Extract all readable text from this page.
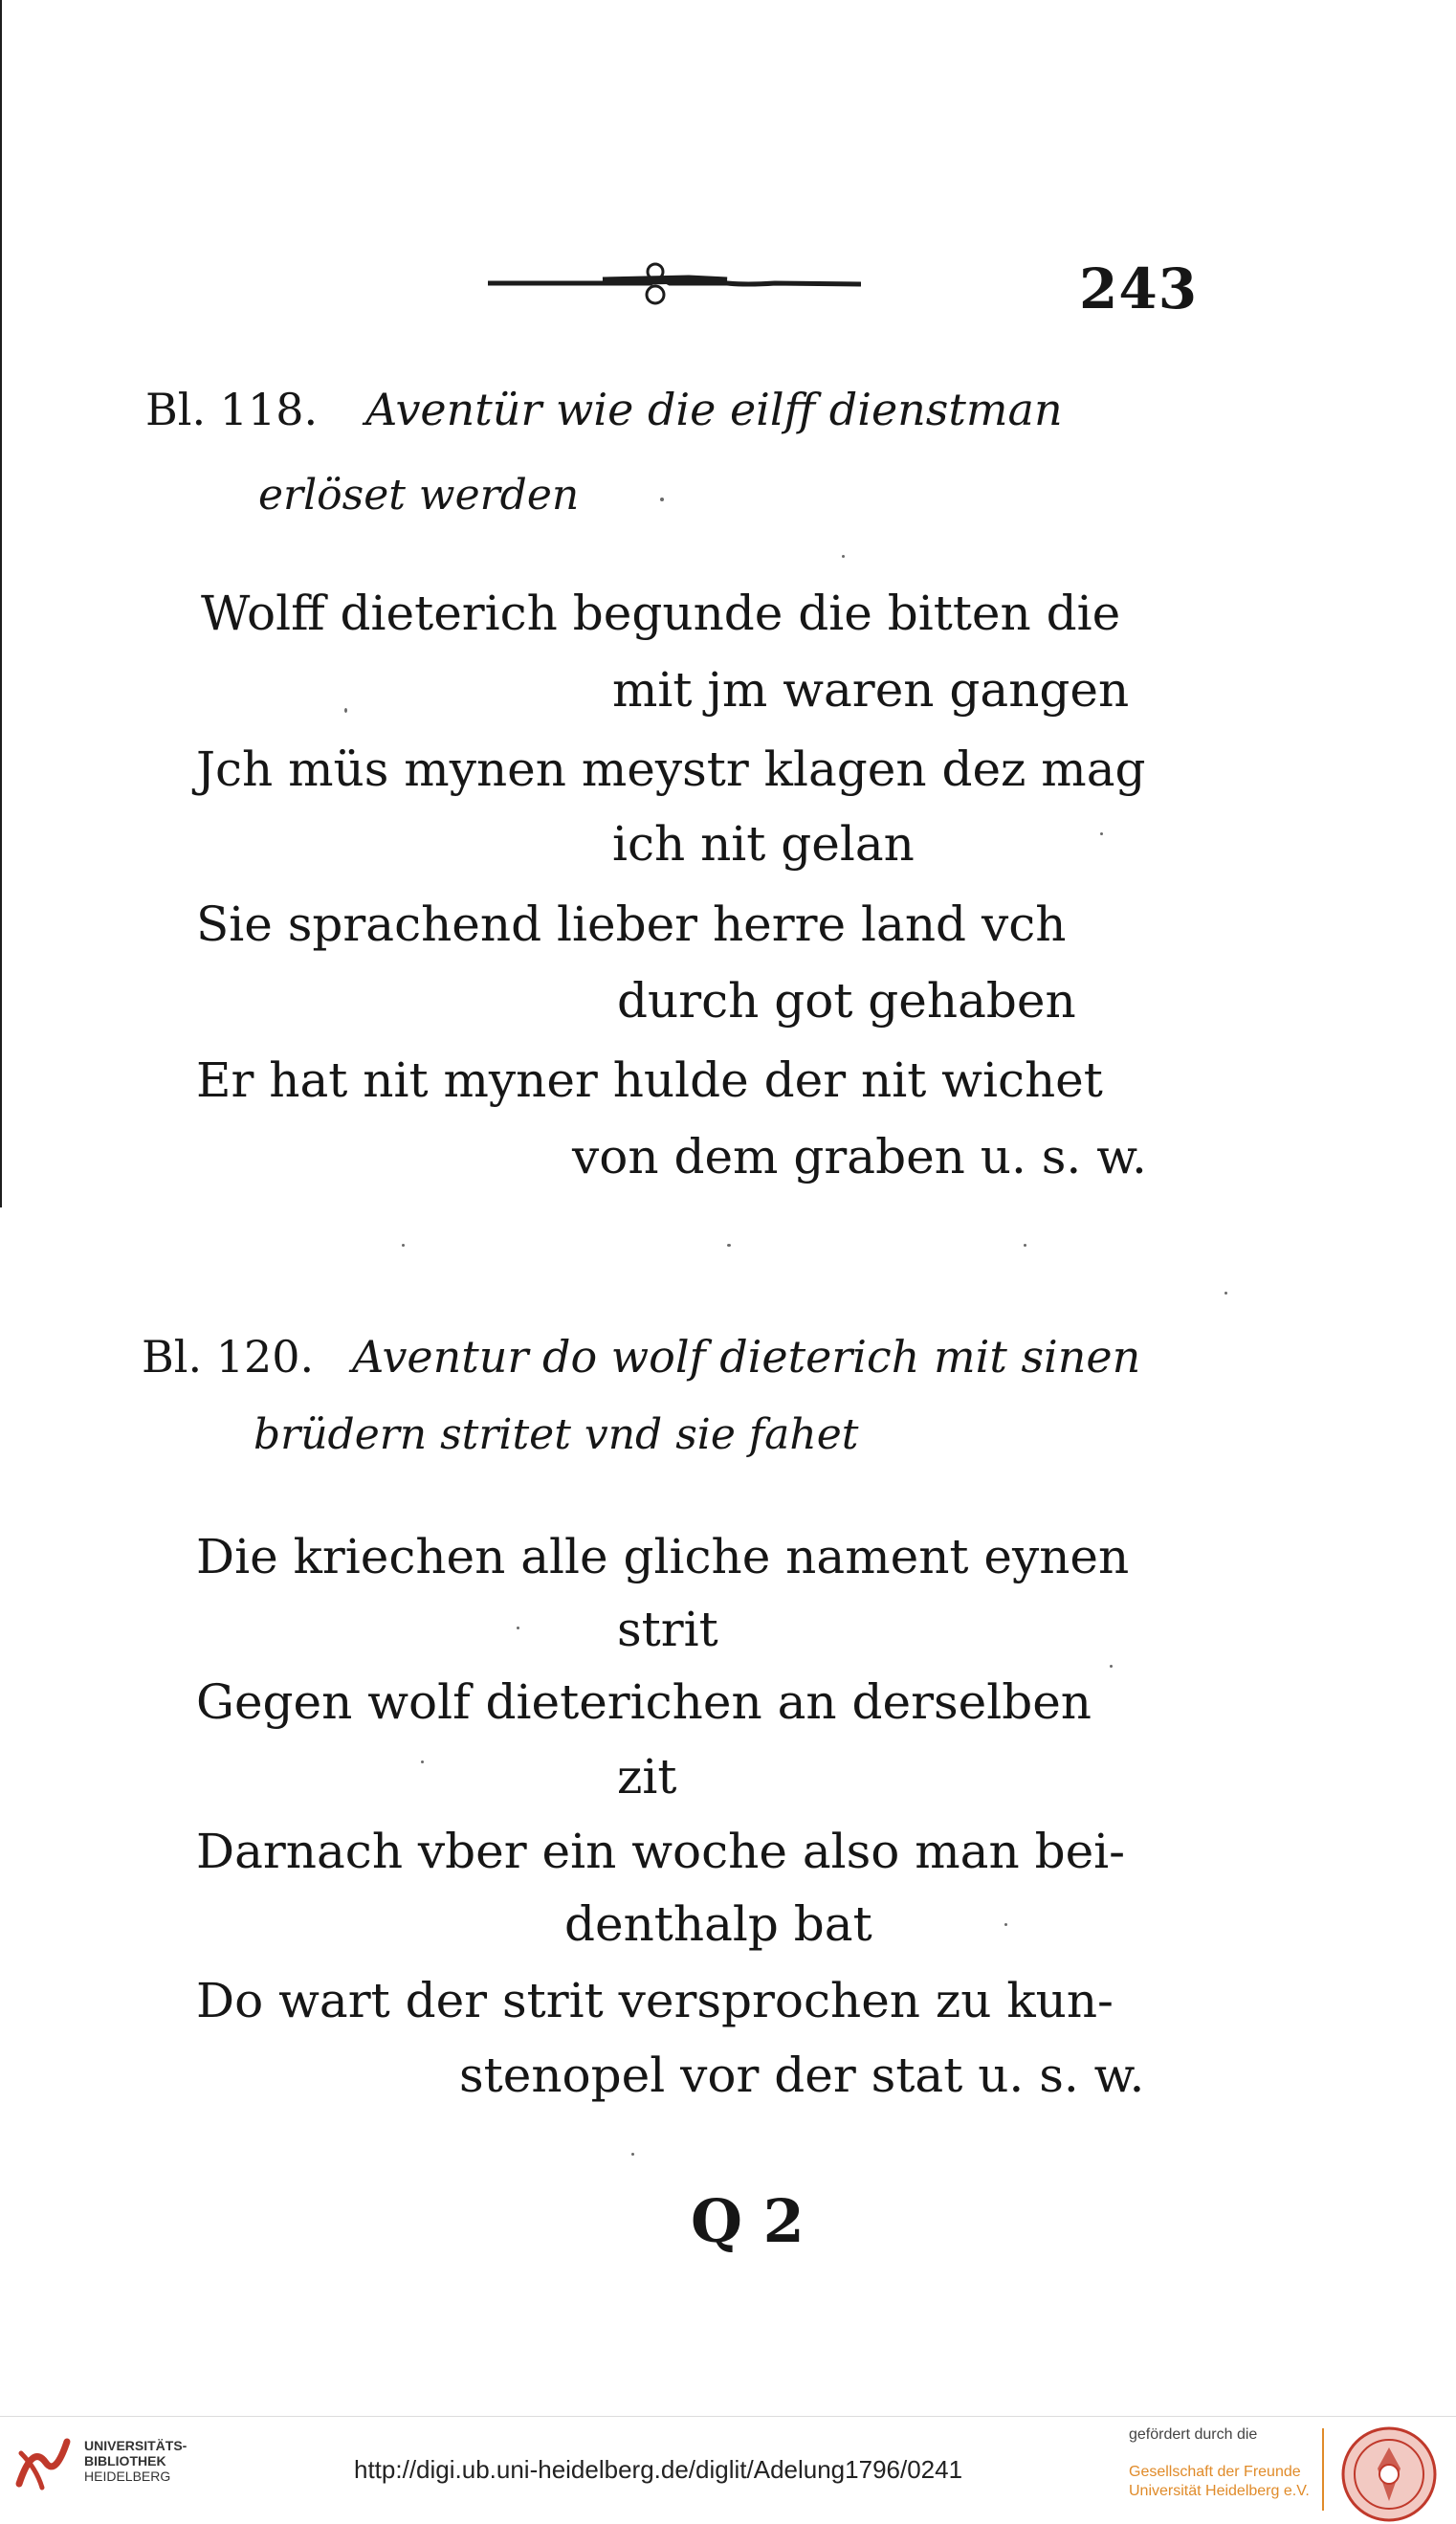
243
Bl. 118. Aventür wie die eilff dienstman
erlöset werden
Wolff dieterich begunde die bitten die
mit jm waren gangen
Jch müs mynen meystr klagen dez mag
ich nit gelan
Sie sprachend lieber herre land vch
durch got gehaben
Er hat nit myner hulde der nit wichet
von dem graben u. s. w.
Bl. 120. Aventur do wolf dieterich mit sinen
brüdern stritet vnd sie fahet
Die kriechen alle gliche nament eynen
strit
Gegen wolf dieterichen an derselben
zit
Darnach vber ein woche also man bei-
denthalp bat
Do wart der strit versprochen zu kun-
stenopel vor der stat u. s. w.
Q 2
UNIVERSITÄTS-
BIBLIOTHEK
HEIDELBERG	http://digi.ub.uni-heidelberg.de/diglit/Adelung1796/0241
gefördert durch die
Gesellschaft der Freunde
Universität Heidelberg e.V.
